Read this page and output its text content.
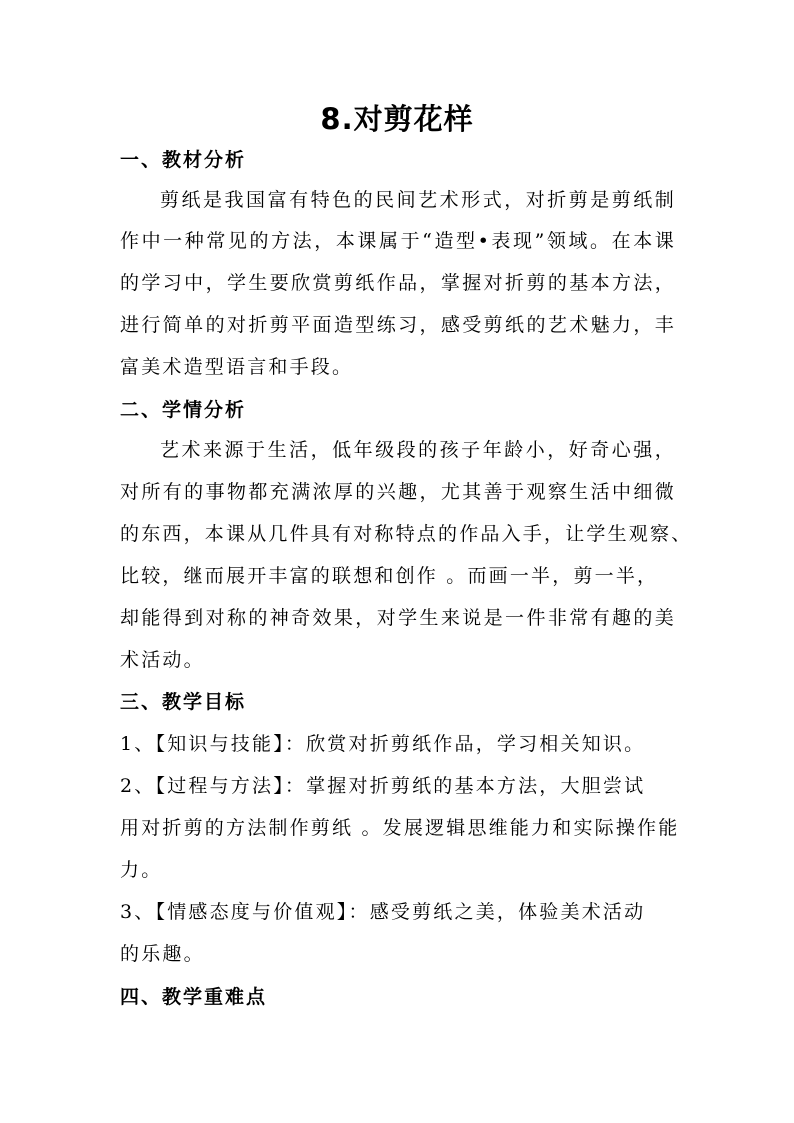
8.对剪花样
一、教材分析
剪纸是我国富有特色的民间艺术形式，对折剪是剪纸制
作中一种常见的方法，本课属于“造型•表现”领域。在本课
的学习中，学生要欣赏剪纸作品，掌握对折剪的基本方法，
进行简单的对折剪平面造型练习，感受剪纸的艺术魅力，丰
富美术造型语言和手段。
二、学情分析
艺术来源于生活，低年级段的孩子年龄小，好奇心强，
对所有的事物都充满浓厚的兴趣，尤其善于观察生活中细微
的东西，本课从几件具有对称特点的作品入手，让学生观察、
比较，继而展开丰富的联想和创作 。而画一半，剪一半，
却能得到对称的神奇效果，对学生来说是一件非常有趣的美
术活动。
三、教学目标
1、【知识与技能】：欣赏对折剪纸作品，学习相关知识。
2、【过程与方法】：掌握对折剪纸的基本方法，大胆尝试
用对折剪的方法制作剪纸 。发展逻辑思维能力和实际操作能
力。
3、【情感态度与价值观】：感受剪纸之美，体验美术活动
的乐趣。
四、教学重难点
